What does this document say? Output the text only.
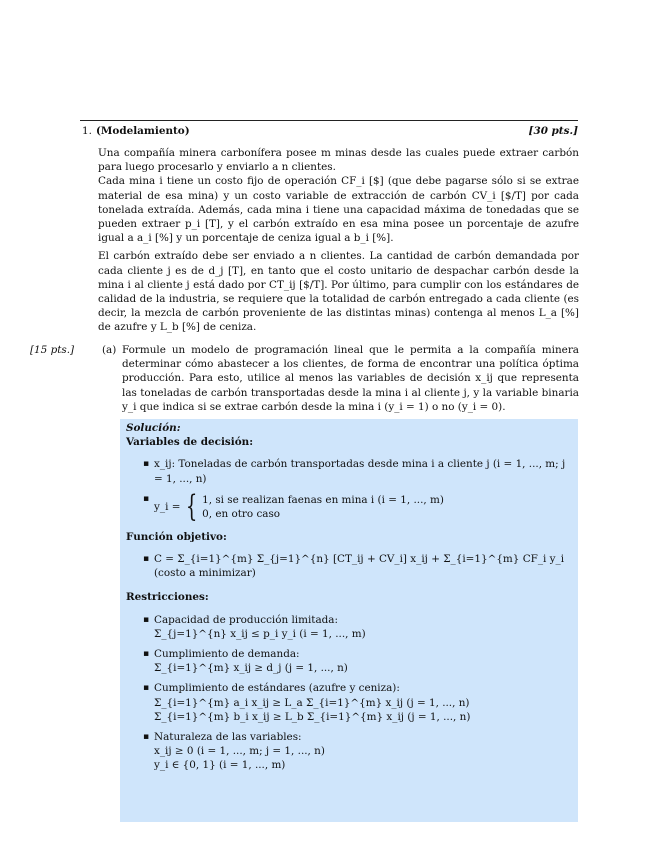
1. (Modelamiento)	[30 pts.]

Una compañía minera carbonífera posee m minas desde las cuales puede extraer carbón para luego procesarlo y enviarlo a n clientes.

Cada mina i tiene un costo fijo de operación CF_i [$] (que debe pagarse sólo si se extrae material de esa mina) y un costo variable de extracción de carbón CV_i [$/T] por cada tonelada extraída. Además, cada mina i tiene una capacidad máxima de tonedadas que se pueden extraer p_i [T], y el carbón extraído en esa mina posee un porcentaje de azufre igual a a_i [%] y un porcentaje de ceniza igual a b_i [%].

El carbón extraído debe ser enviado a n clientes. La cantidad de carbón demandada por cada cliente j es de d_j [T], en tanto que el costo unitario de despachar carbón desde la mina i al cliente j está dado por CT_ij [$/T]. Por último, para cumplir con los estándares de calidad de la industria, se requiere que la totalidad de carbón entregado a cada cliente (es decir, la mezcla de carbón proveniente de las distintas minas) contenga al menos L_a [%] de azufre y L_b [%] de ceniza.

[15 pts.]	(a) Formule un modelo de programación lineal que le permita a la compañía minera determinar cómo abastecer a los clientes, de forma de encontrar una política óptima producción. Para esto, utilice al menos las variables de decisión x_ij que representa las toneladas de carbón transportadas desde la mina i al cliente j, y la variable binaria y_i que indica si se extrae carbón desde la mina i (y_i = 1) o no (y_i = 0).

Solución:

Variables de decisión:

▪ x_ij: Toneladas de carbón transportadas desde mina i a cliente j (i = 1, ..., m; j = 1, ..., n)
▪ y_i = { 1, si se realizan faenas en mina i (i = 1, ..., m)
0, en otro caso

Función objetivo:

▪ C = Σ_{i=1}^{m} Σ_{j=1}^{n} [CT_ij + CV_i] x_ij + Σ_{i=1}^{m} CF_i y_i (costo a minimizar)

Restricciones:

▪ Capacidad de producción limitada:
Σ_{j=1}^{n} x_ij ≤ p_i y_i (i = 1, ..., m)
▪ Cumplimiento de demanda:
Σ_{i=1}^{m} x_ij ≥ d_j (j = 1, ..., n)
▪ Cumplimiento de estándares (azufre y ceniza):
Σ_{i=1}^{m} a_i x_ij ≥ L_a Σ_{i=1}^{m} x_ij (j = 1, ..., n)
Σ_{i=1}^{m} b_i x_ij ≥ L_b Σ_{i=1}^{m} x_ij (j = 1, ..., n)
▪ Naturaleza de las variables:
x_ij ≥ 0 (i = 1, ..., m; j = 1, ..., n)
y_i ∈ {0, 1} (i = 1, ..., m)
